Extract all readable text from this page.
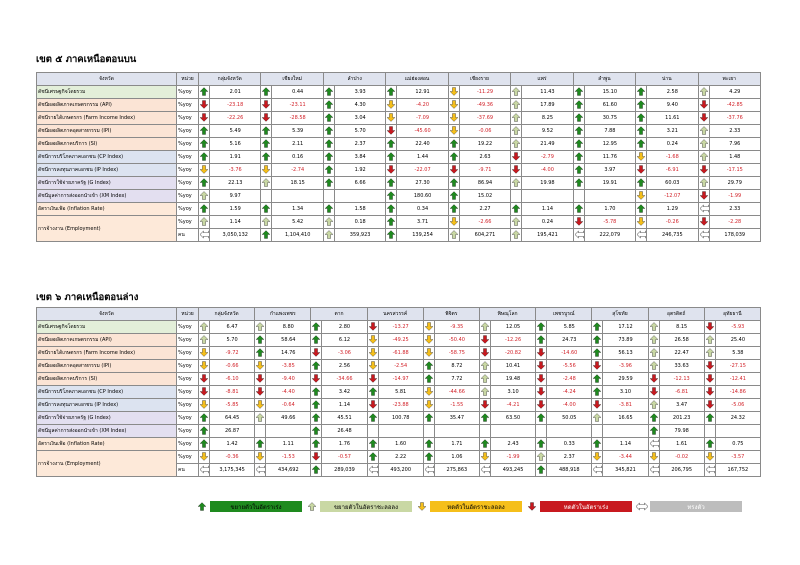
เขต ๕ ภาคเหนือตอนบน
จังหวัด	หน่วย	กลุ่มจังหวัด		เชียงใหม่		ลำปาง		แม่ฮ่องสอน		เชียงราย		แพร่		ลำพูน		น่าน		พะเยา	
ดัชนีเศรษฐกิจโดยรวม	%yoy		2.01		0.44		3.93		12.91		-11.29		11.43		15.10		2.58		4.29
ดัชนีผลผลิตภาคเกษตรกรรม (API)	%yoy		-23.18		-23.11		4.30		-4.20		-49.36		17.89		61.60		9.40		-42.85
ดัชนีรายได้เกษตรกร (Farm Income Index)	%yoy		-22.26		-28.58		3.04		-7.09		-37.69		8.25		30.75		11.61		-37.76
ดัชนีผลผลิตภาคอุตสาหกรรม (IPI)	%yoy		5.49		5.39		5.70		-45.60		-0.06		9.52		7.88		3.21		2.33
ดัชนีผลผลิตภาคบริการ (SI)	%yoy		5.16		2.11		2.37		22.40		19.22		21.49		12.95		0.24		7.96
ดัชนีการบริโภคภาคเอกชน (CP Index)	%yoy		1.91		0.16		3.84		1.44		2.63		-2.79		11.76		-1.68		1.48
ดัชนีการลงทุนภาคเอกชน (IP Index)	%yoy		-3.76		-2.74		1.92		-22.07		-9.71		-4.00		3.97		-6.91		-17.15
ดัชนีการใช้จ่ายภาครัฐ (G Index)	%yoy		22.13		18.15		6.66		27.30		86.94		19.98		19.91		60.03		29.79
ดัชนีมูลค่าการส่งออกนำเข้า (XM Index)	%yoy		9.97						180.60		15.02						-12.07		-1.99
อัตราเงินเฟ้อ (Inflation Rate)	%yoy		1.59		1.34		1.58		0.34		2.27		1.14		1.70		1.29		2.33
การจ้างงาน (Employment)	%yoy		1.14		5.42		0.18		3.71		-2.66		0.24		-5.78		-0.26		-2.28
	คน		3,050,132		1,104,410		359,923		139,254		604,271		195,421		222,079		246,735		178,039
เขต ๖ ภาคเหนือตอนล่าง
จังหวัด	หน่วย	กลุ่มจังหวัด		กำแพงเพชร		ตาก		นครสวรรค์		พิจิตร		พิษณุโลก		เพชรบูรณ์		สุโขทัย		อุตรดิตถ์		อุทัยธานี	
ดัชนีเศรษฐกิจโดยรวม	%yoy		6.47		8.80		2.80		-13.27		-9.35		12.05		5.85		17.12		8.15		-5.93
ดัชนีผลผลิตภาคเกษตรกรรม (API)	%yoy		5.70		58.64		6.12		-49.25		-50.40		-12.26		24.73		73.89		26.58		25.40
ดัชนีรายได้เกษตรกร (Farm Income Index)	%yoy		-9.72		14.76		-3.06		-61.88		-58.75		-20.82		-14.60		56.13		22.47		5.38
ดัชนีผลผลิตภาคอุตสาหกรรม (IPI)	%yoy		-0.66		-3.85		2.56		-2.54		8.72		10.41		-5.56		-3.96		33.63		-27.15
ดัชนีผลผลิตภาคบริการ (SI)	%yoy		-6.10		-9.40		-34.66		-14.97		7.72		19.48		-2.48		29.59		-12.13		-12.41
ดัชนีการบริโภคภาคเอกชน (CP Index)	%yoy		-8.81		-4.40		3.42		5.81		-44.66		3.10		-4.24		3.10		-6.81		-14.86
ดัชนีการลงทุนภาคเอกชน (IP Index)	%yoy		-5.85		-0.64		1.14		-23.88		-1.55		-4.21		-4.00		-3.81		3.47		-5.06
ดัชนีการใช้จ่ายภาครัฐ (G Index)	%yoy		64.45		49.66		45.51		100.78		35.47		63.50		50.05		16.65		201.23		24.32
ดัชนีมูลค่าการส่งออกนำเข้า (XM Index)	%yoy		26.87				26.48												79.98		
อัตราเงินเฟ้อ (Inflation Rate)	%yoy		1.42		1.11		1.76		1.60		1.71		2.43		0.33		1.14		1.61		0.75
การจ้างงาน (Employment)	%yoy		-0.36		-1.53		-0.57		2.22		1.06		-1.99		2.37		-3.44		-0.02		-3.57
	คน		3,175,345		434,692		289,039		493,200		275,863		493,245		488,918		345,821		206,795		167,752
ขยายตัวในอัตราเร่ง	ขยายตัวในอัตราชะลอลง	หดตัวในอัตราชะลอลง	หดตัวในอัตราเร่ง	ทรงตัว
